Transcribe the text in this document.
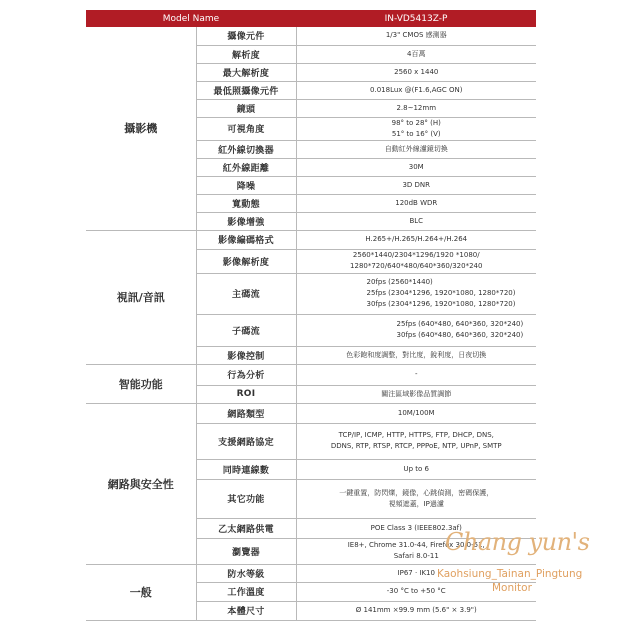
Model Name		IN-VD5413Z-P
攝影機	攝像元件	1/3" CMOS 感測器

	解析度	4百萬

	最大解析度	2560 x 1440

	最低照攝像元件	0.018Lux @(F1.6,AGC ON)

	鏡頭	2.8~12mm

	可視角度	98° to 28° (H)
51° to 16° (V)

	紅外線切換器	自動紅外線濾鏡切換

	紅外線距離	30M

	降噪	3D DNR

	寬動態	120dB WDR

	影像增強	BLC

視訊/音訊	影像編碼格式	H.265+/H.265/H.264+/H.264

	影像解析度	2560*1440/2304*1296/1920 *1080/
1280*720/640*480/640*360/320*240

	主碼流	20fps (2560*1440)
25fps (2304*1296, 1920*1080, 1280*720)
30fps (2304*1296, 1920*1080, 1280*720)

	子碼流	25fps (640*480, 640*360, 320*240)
30fps (640*480, 640*360, 320*240)

	影像控制	色彩飽和度調整，對比度，銳利度，日夜切換

智能功能	行為分析	-

	ROI	關注區域影像品質調節

網路與安全性	網路類型	10M/100M

	支援網路協定	TCP/IP, ICMP, HTTP, HTTPS, FTP, DHCP, DNS,
DDNS, RTP, RTSP, RTCP, PPPoE, NTP, UPnP, SMTP

	同時連線數	Up to 6

	其它功能	一鍵重置，防閃爍，鏡像，心跳偵測，密碼保護，
視頻遮蓋，IP過濾

	乙太網路供電	POE Class 3 (IEEE802.3af)

	瀏覽器	IE8+, Chrome 31.0-44, Firefox 30.0-51,
Safari 8.0-11

一般	防水等級	IP67 · IK10

	工作溫度	-30 °C to +50 °C

	本體尺寸	Ø 141mm ×99.9 mm (5.6" × 3.9")
Chang yun's
Kaohsiung_Tainan_Pingtung
Monitor
